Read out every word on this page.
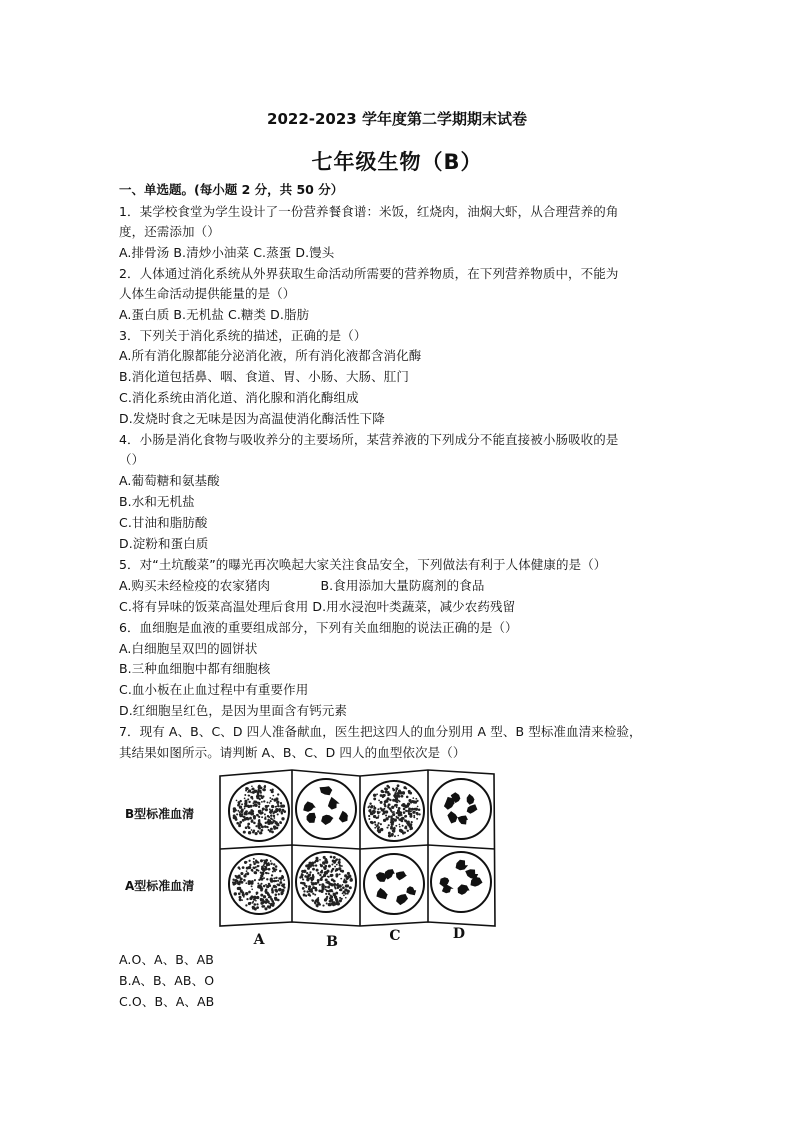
2022-2023 学年度第二学期期末试卷
七年级生物（B）
一、单选题。(每小题 2 分，共 50 分）
1．某学校食堂为学生设计了一份营养餐食谱：米饭，红烧肉，油焖大虾，从合理营养的角
度，还需添加（）
A.排骨汤 B.清炒小油菜 C.蒸蛋 D.馒头
2．人体通过消化系统从外界获取生命活动所需要的营养物质，在下列营养物质中，不能为
人体生命活动提供能量的是（）
A.蛋白质 B.无机盐 C.糖类 D.脂肪
3．下列关于消化系统的描述，正确的是（）
A.所有消化腺都能分泌消化液，所有消化液都含消化酶
B.消化道包括鼻、咽、食道、胃、小肠、大肠、肛门
C.消化系统由消化道、消化腺和消化酶组成
D.发烧时食之无味是因为高温使消化酶活性下降
4．小肠是消化食物与吸收养分的主要场所，某营养液的下列成分不能直接被小肠吸收的是
（）
A.葡萄糖和氨基酸
B.水和无机盐
C.甘油和脂肪酸
D.淀粉和蛋白质
5．对“土坑酸菜”的曝光再次唤起大家关注食品安全，下列做法有利于人体健康的是（）
A.购买未经检疫的农家猪肉　　　　B.食用添加大量防腐剂的食品
C.将有异味的饭菜高温处理后食用 D.用水浸泡叶类蔬菜，减少农药残留
6．血细胞是血液的重要组成部分，下列有关血细胞的说法正确的是（）
A.白细胞呈双凹的圆饼状
B.三种血细胞中都有细胞核
C.血小板在止血过程中有重要作用
D.红细胞呈红色，是因为里面含有钙元素
7．现有 A、B、C、D 四人准备献血，医生把这四人的血分别用 A 型、B 型标准血清来检验，
其结果如图所示。请判断 A、B、C、D 四人的血型依次是（）
B型标准血清
A型标准血清
A	B	C	D
A.O、A、B、AB
B.A、B、AB、O
C.O、B、A、AB
